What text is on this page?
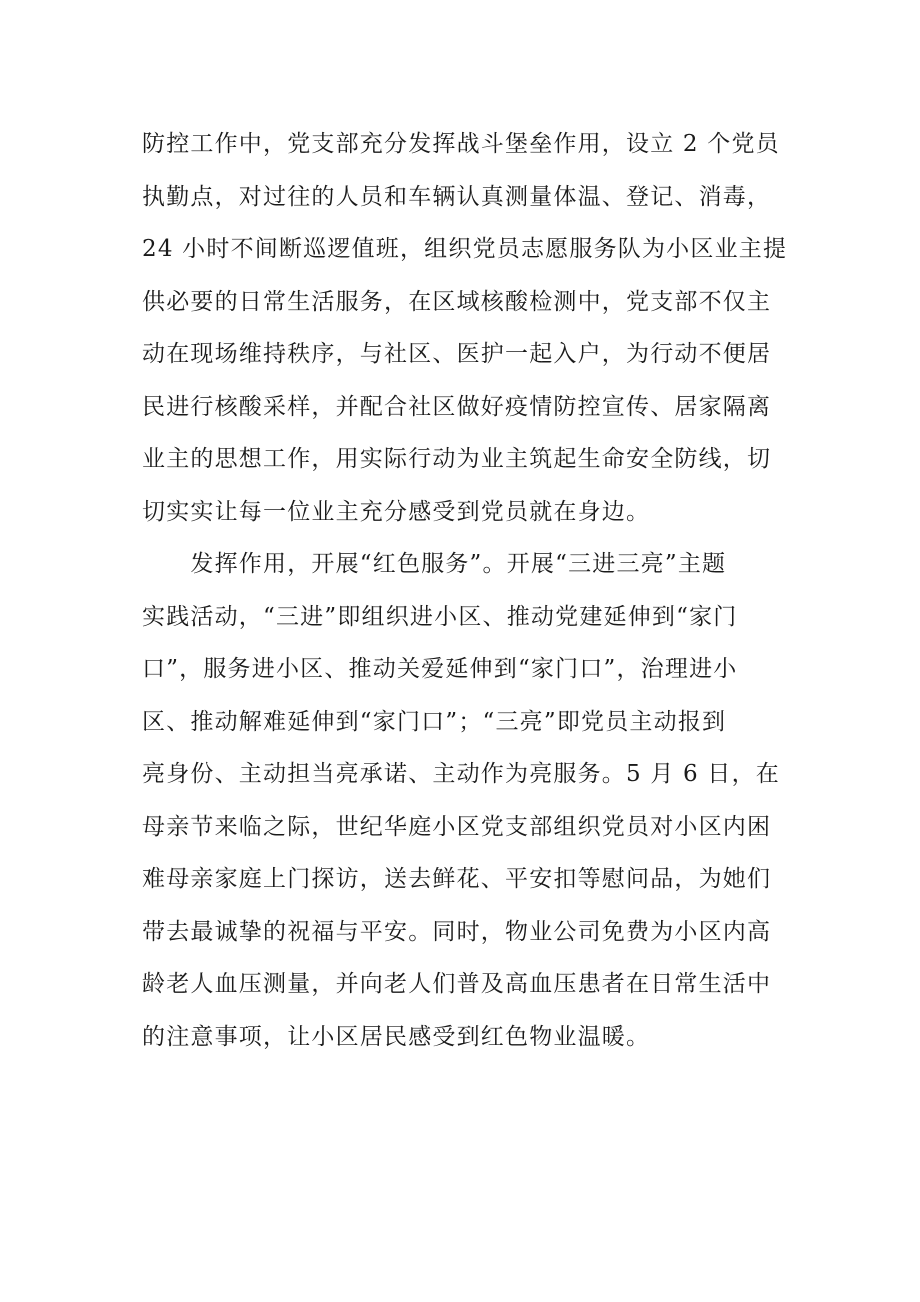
防控工作中，党支部充分发挥战斗堡垒作用，设立 2 个党员
执勤点，对过往的人员和车辆认真测量体温、登记、消毒，
24 小时不间断巡逻值班，组织党员志愿服务队为小区业主提
供必要的日常生活服务，在区域核酸检测中，党支部不仅主
动在现场维持秩序，与社区、医护一起入户，为行动不便居
民进行核酸采样，并配合社区做好疫情防控宣传、居家隔离
业主的思想工作，用实际行动为业主筑起生命安全防线，切
切实实让每一位业主充分感受到党员就在身边。
　　发挥作用，开展“红色服务”。开展“三进三亮”主题
实践活动，“三进”即组织进小区、推动党建延伸到“家门
口”，服务进小区、推动关爱延伸到“家门口”，治理进小
区、推动解难延伸到“家门口”；“三亮”即党员主动报到
亮身份、主动担当亮承诺、主动作为亮服务。5 月 6 日，在
母亲节来临之际，世纪华庭小区党支部组织党员对小区内困
难母亲家庭上门探访，送去鲜花、平安扣等慰问品，为她们
带去最诚挚的祝福与平安。同时，物业公司免费为小区内高
龄老人血压测量，并向老人们普及高血压患者在日常生活中
的注意事项，让小区居民感受到红色物业温暖。
